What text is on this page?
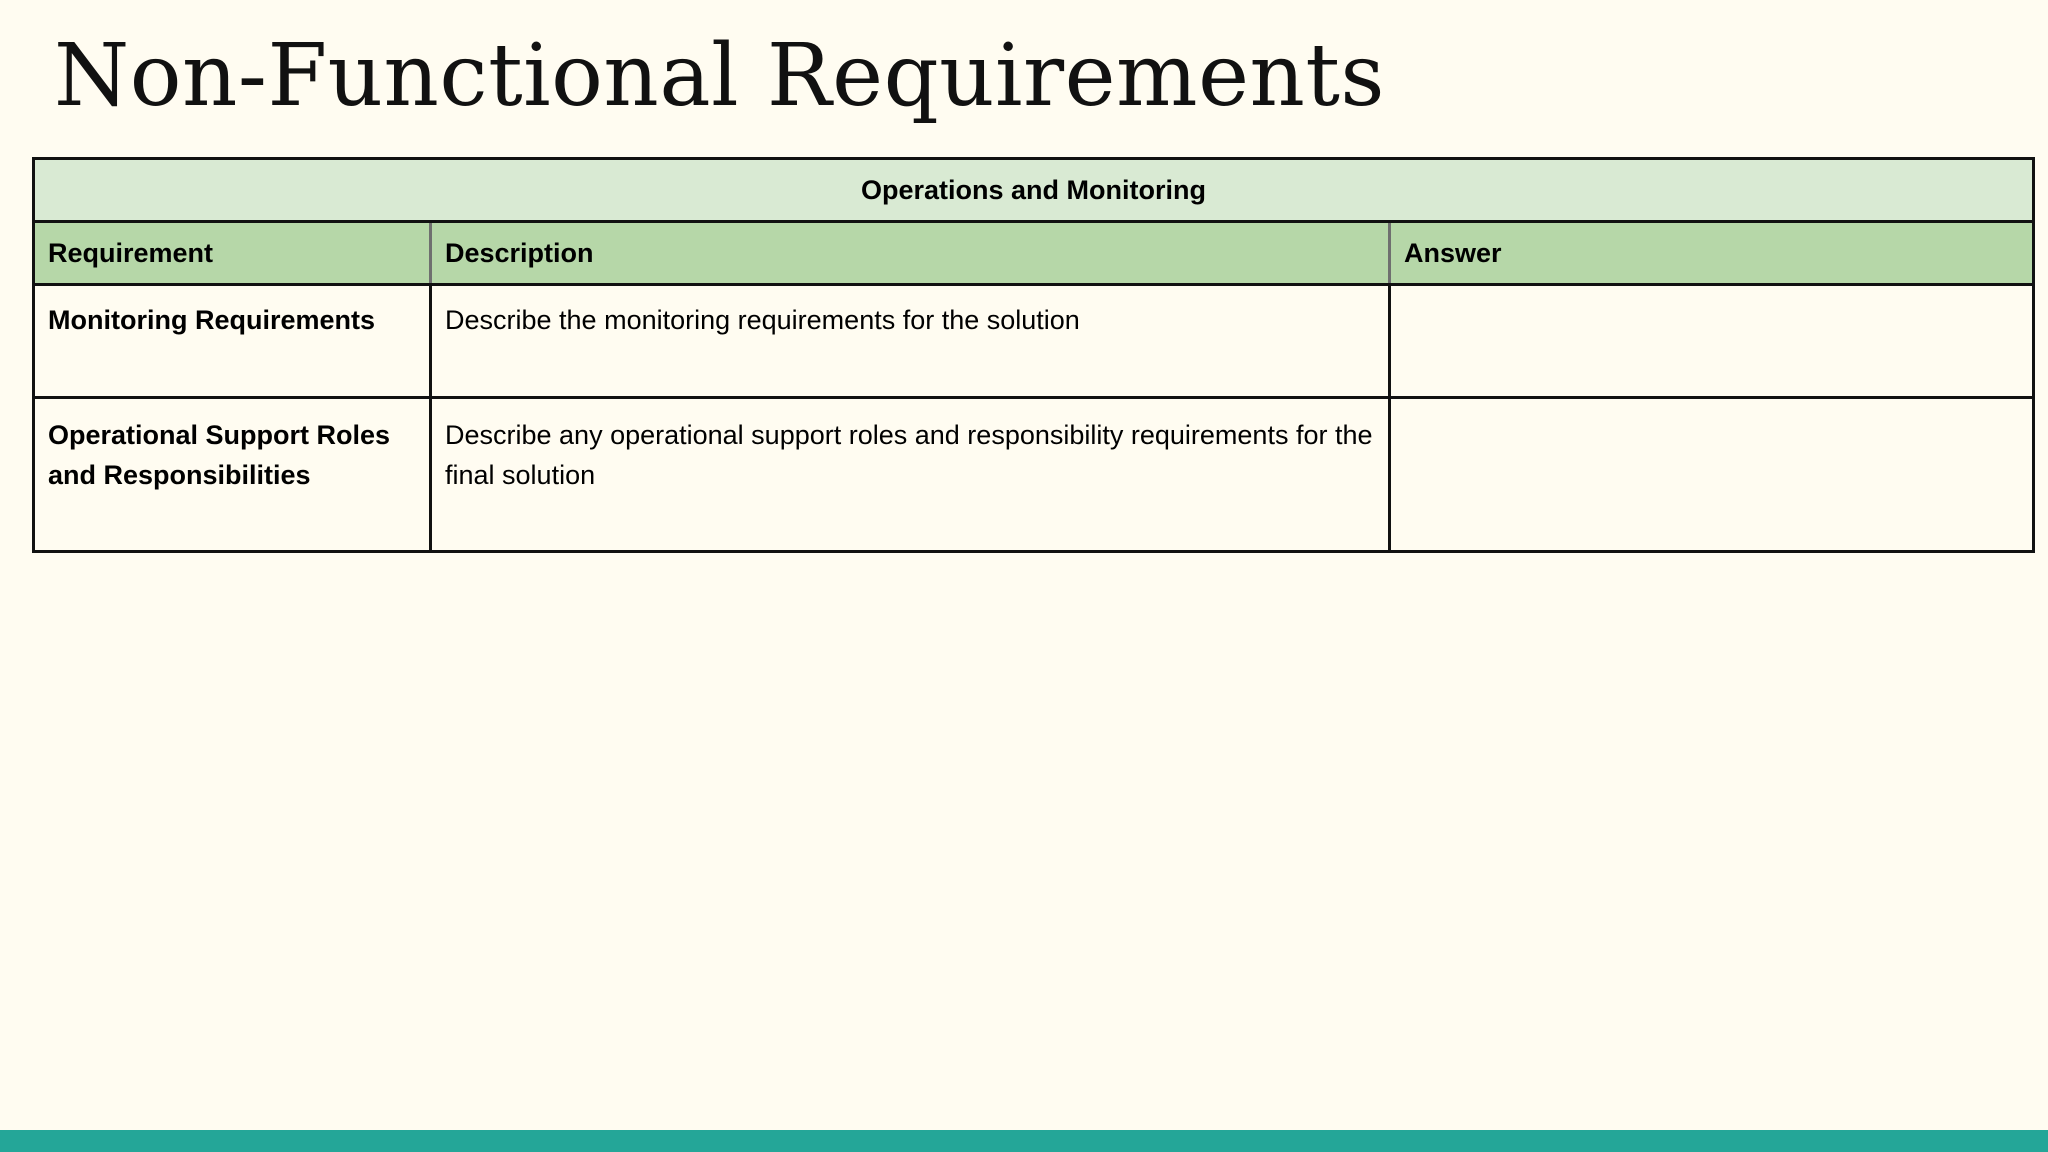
Non-Functional Requirements
Operations and Monitoring		
Requirement	Description	Answer
Monitoring Requirements	Describe the monitoring requirements for the solution	
Operational Support Roles and Responsibilities	Describe any operational support roles and responsibility requirements for the final solution	
